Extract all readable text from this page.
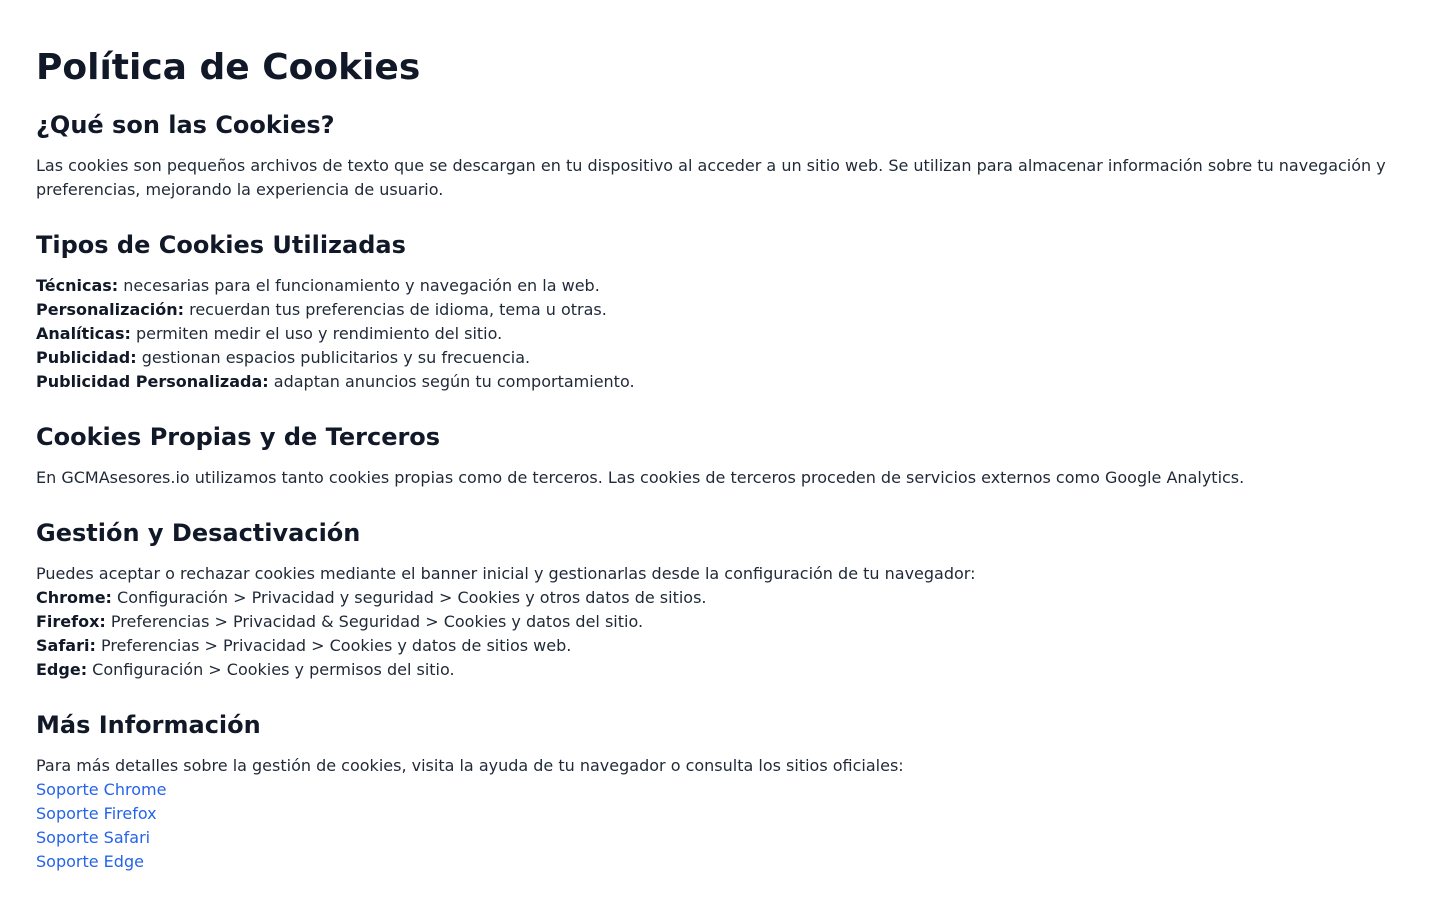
Política de Cookies
¿Qué son las Cookies?
Las cookies son pequeños archivos de texto que se descargan en tu dispositivo al acceder a un sitio web. Se utilizan para almacenar información sobre tu navegación y preferencias, mejorando la experiencia de usuario.
Tipos de Cookies Utilizadas
Técnicas: necesarias para el funcionamiento y navegación en la web.
Personalización: recuerdan tus preferencias de idioma, tema u otras.
Analíticas: permiten medir el uso y rendimiento del sitio.
Publicidad: gestionan espacios publicitarios y su frecuencia.
Publicidad Personalizada: adaptan anuncios según tu comportamiento.
Cookies Propias y de Terceros
En GCMAsesores.io utilizamos tanto cookies propias como de terceros. Las cookies de terceros proceden de servicios externos como Google Analytics.
Gestión y Desactivación
Puedes aceptar o rechazar cookies mediante el banner inicial y gestionarlas desde la configuración de tu navegador:
Chrome: Configuración > Privacidad y seguridad > Cookies y otros datos de sitios.
Firefox: Preferencias > Privacidad & Seguridad > Cookies y datos del sitio.
Safari: Preferencias > Privacidad > Cookies y datos de sitios web.
Edge: Configuración > Cookies y permisos del sitio.
Más Información
Para más detalles sobre la gestión de cookies, visita la ayuda de tu navegador o consulta los sitios oficiales:
Soporte Chrome
Soporte Firefox
Soporte Safari
Soporte Edge
